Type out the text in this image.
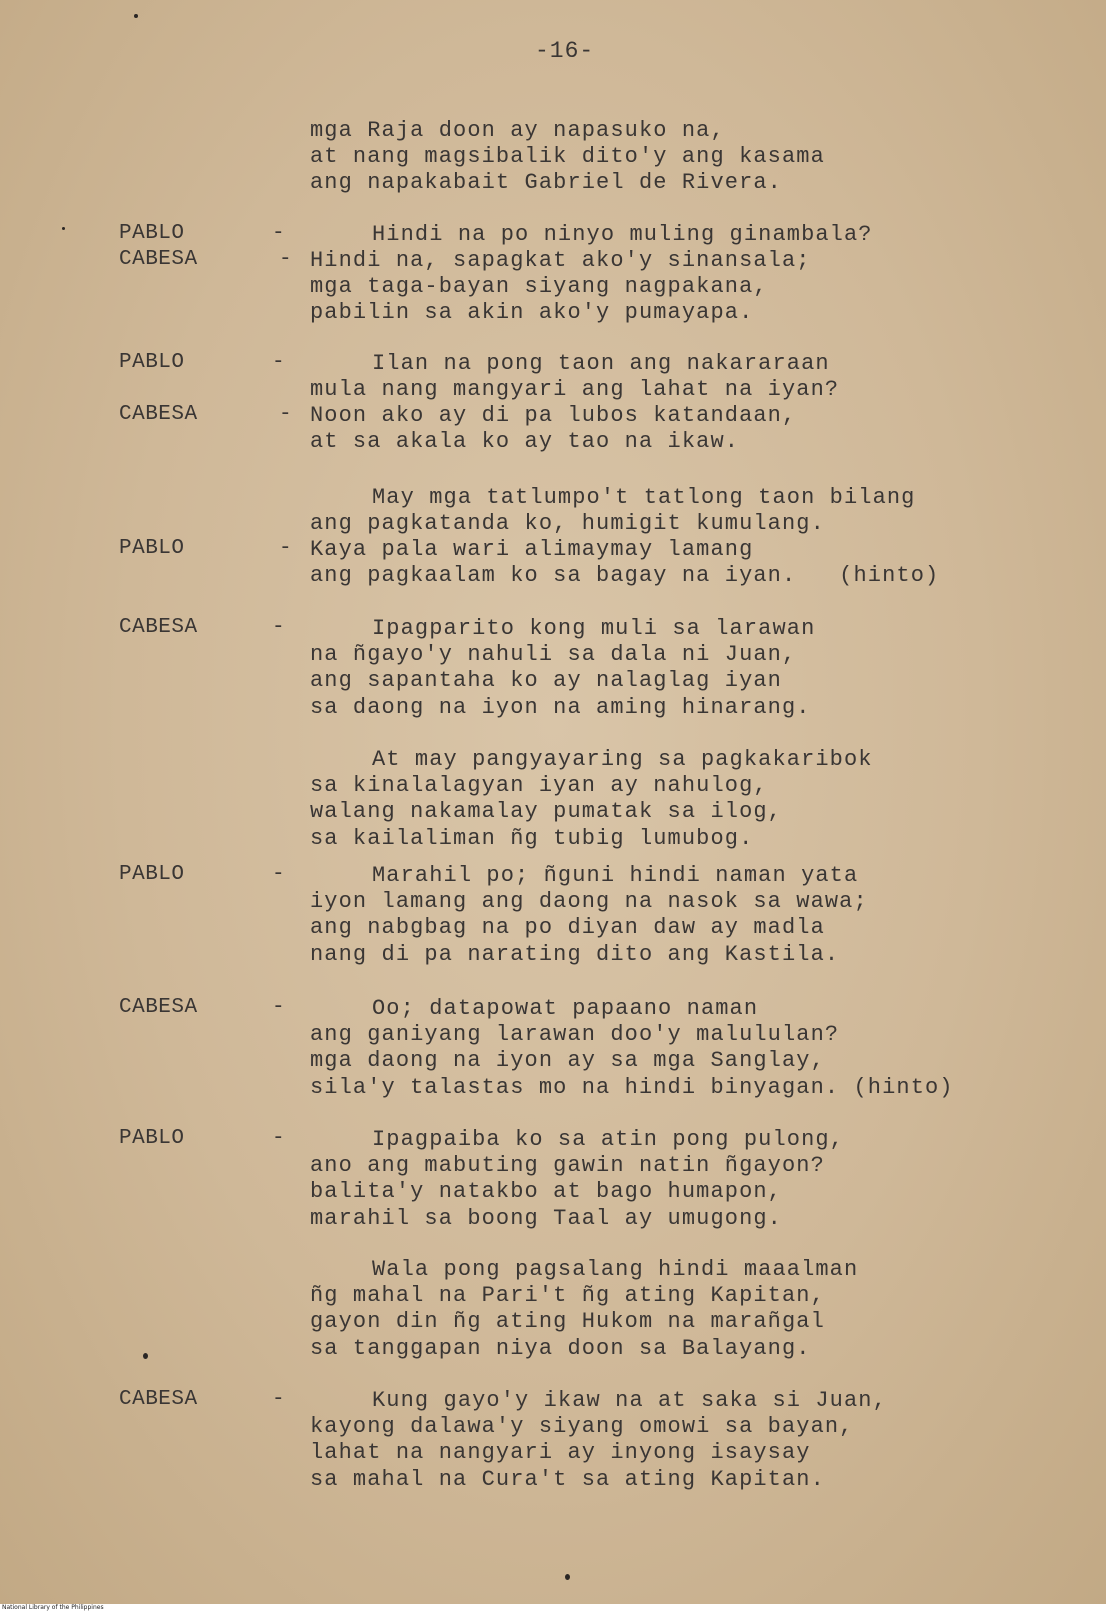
-16-
mga Raja doon ay napasuko na,
at nang magsibalik dito'y ang kasama
ang napakabait Gabriel de Rivera.
PABLO	-	Hindi na po ninyo muling ginambala?
CABESA	- Hindi na, sapagkat ako'y sinansala;
mga taga-bayan siyang nagpakana,
pabilin sa akin ako'y pumayapa.
PABLO	-	Ilan na pong taon ang nakararaan
mula nang mangyari ang lahat na iyan?
CABESA	- Noon ako ay di pa lubos katandaan,
at sa akala ko ay tao na ikaw.
May mga tatlumpo't tatlong taon bilang
ang pagkatanda ko, humigit kumulang.
PABLO	- Kaya pala wari alimaymay lamang
ang pagkaalam ko sa bagay na iyan.   (hinto)
CABESA	-	Ipagparito kong muli sa larawan
na ñgayo'y nahuli sa dala ni Juan,
ang sapantaha ko ay nalaglag iyan
sa daong na iyon na aming hinarang.
At may pangyayaring sa pagkakaribok
sa kinalalagyan iyan ay nahulog,
walang nakamalay pumatak sa ilog,
sa kailaliman ñg tubig lumubog.
PABLO	-	Marahil po; ñguni hindi naman yata
iyon lamang ang daong na nasok sa wawa;
ang nabgbag na po diyan daw ay madla
nang di pa narating dito ang Kastila.
CABESA	-	Oo; datapowat papaano naman
ang ganiyang larawan doo'y malululan?
mga daong na iyon ay sa mga Sanglay,
sila'y talastas mo na hindi binyagan. (hinto)
PABLO	-	Ipagpaiba ko sa atin pong pulong,
ano ang mabuting gawin natin ñgayon?
balita'y natakbo at bago humapon,
marahil sa boong Taal ay umugong.
Wala pong pagsalang hindi maaalman
ñg mahal na Pari't ñg ating Kapitan,
gayon din ñg ating Hukom na marañgal
sa tanggapan niya doon sa Balayang.
CABESA	-	Kung gayo'y ikaw na at saka si Juan,
kayong dalawa'y siyang omowi sa bayan,
lahat na nangyari ay inyong isaysay
sa mahal na Cura't sa ating Kapitan.
National Library of the Philippines
